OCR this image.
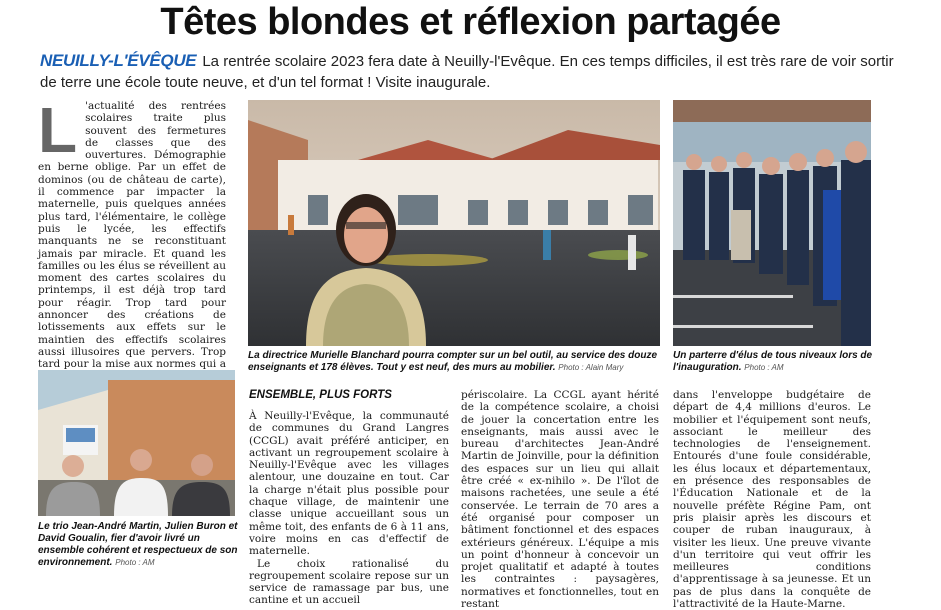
Têtes blondes et réflexion partagée
NEUILLY-L'ÉVÊQUE La rentrée scolaire 2023 fera date à Neuilly-l'Evêque. En ces temps difficiles, il est très rare de voir sortir de terre une école toute neuve, et d'un tel format ! Visite inaugurale.
L 'actualité des rentrées scolaires traite plus souvent des fermetures de classes que des ouvertures. Démographie en berne oblige. Par un effet de dominos (ou de château de carte), il commence par impacter la maternelle, puis quelques années plus tard, l'élémentaire, le collège puis le lycée, les effectifs manquants ne se reconstituant jamais par miracle. Et quand les familles ou les élus se réveillent au moment des cartes scolaires du printemps, il est déjà trop tard pour réagir. Trop tard pour annoncer des créations de lotissements aux effets sur le maintien des effectifs scolaires aussi illusoires que pervers. Trop tard pour la mise aux normes qui a

La directrice Murielle Blanchard pourra compter sur un bel outil, au service des douze enseignants et 178 élèves. Tout y est neuf, des murs au mobilier. Photo : Alain Mary
Un parterre d'élus de tous niveaux lors de l'inauguration. Photo : AM
Le trio Jean-André Martin, Julien Buron et David Goualin, fier d'avoir livré un ensemble cohérent et respectueux de son environnement. Photo : AM
ENSEMBLE, PLUS FORTS

À Neuilly-l'Evêque, la communauté de communes du Grand Langres (CCGL) avait préféré anticiper, en activant un regroupement scolaire à Neuilly-l'Evêque avec les villages alentour, une douzaine en tout. Car la charge n'était plus possible pour chaque village, de maintenir une classe unique accueillant sous un même toit, des enfants de 6 à 11 ans, voire moins en cas d'effectif de maternelle.

Le choix rationalisé du regroupement scolaire repose sur un service de ramassage par bus, une cantine et un accueil

périscolaire. La CCGL ayant hérité de la compétence scolaire, a choisi de jouer la concertation entre les enseignants, mais aussi avec le bureau d'architectes Jean-André Martin de Joinville, pour la définition des espaces sur un lieu qui allait être créé « ex-nihilo ». De l'îlot de maisons rachetées, une seule a été conservée. Le terrain de 70 ares a été organisé pour composer un bâtiment fonctionnel et des espaces extérieurs généreux. L'équipe a mis un point d'honneur à concevoir un projet qualitatif et adapté à toutes les contraintes : paysagères, normatives et fonctionnelles, tout en restant

dans l'enveloppe budgétaire de départ de 4,4 millions d'euros. Le mobilier et l'équipement sont neufs, associant le meilleur des technologies de l'enseignement. Entourés d'une foule considérable, les élus locaux et départementaux, en présence des responsables de l'Éducation Nationale et de la nouvelle préfète Régine Pam, ont pris plaisir après les discours et couper de ruban inauguraux, à visiter les lieux. Une preuve vivante d'un territoire qui veut offrir les meilleures conditions d'apprentissage à sa jeunesse. Et un pas de plus dans la conquête de l'attractivité de la Haute-Marne.
